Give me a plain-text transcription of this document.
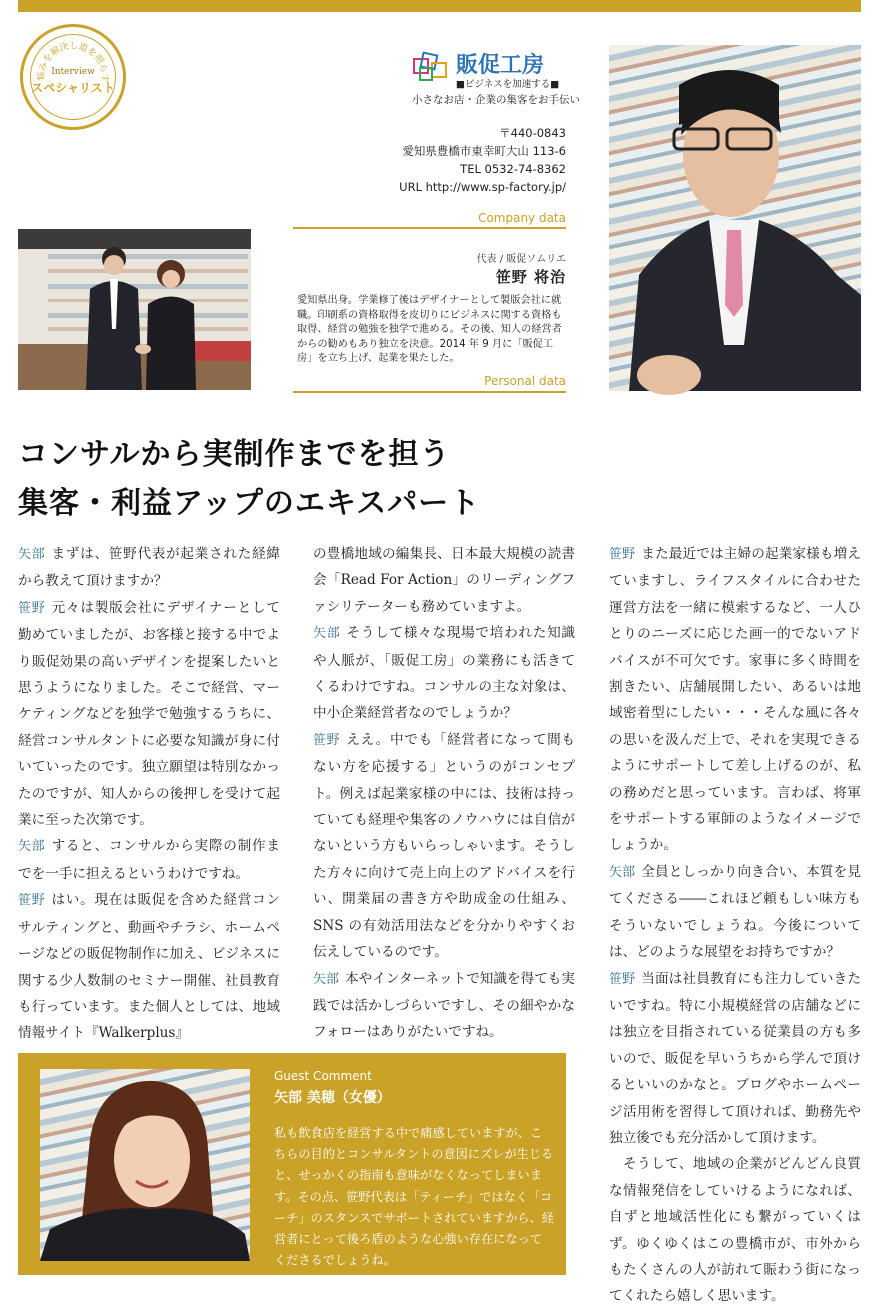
悩みを解決し道を照らす
Interview
スペシャリスト
販促工房
■ビジネスを加速する■
小さなお店・企業の集客をお手伝い
〒440-0843
愛知県豊橋市東幸町大山 113-6
TEL 0532-74-8362
URL http://www.sp-factory.jp/
Company data
代表 / 販促ソムリエ
笹野 将治
愛知県出身。学業修了後はデザイナーとして製版会社に就職。印刷系の資格取得を皮切りにビジネスに関する資格も取得、経営の勉強を独学で進める。その後、知人の経営者からの勧めもあり独立を決意。2014 年 9 月に「販促工房」を立ち上げ、起業を果たした。
Personal data
コンサルから実制作までを担う
集客・利益アップのエキスパート

矢部 まずは、笹野代表が起業された経緯から教えて頂けますか？

笹野 元々は製版会社にデザイナーとして勤めていましたが、お客様と接する中でより販促効果の高いデザインを提案したいと思うようになりました。そこで経営、マーケティングなどを独学で勉強するうちに、経営コンサルタントに必要な知識が身に付いていったのです。独立願望は特別なかったのですが、知人からの後押しを受けて起業に至った次第です。

矢部 すると、コンサルから実際の制作までを一手に担えるというわけですね。

笹野 はい。現在は販促を含めた経営コンサルティングと、動画やチラシ、ホームページなどの販促物制作に加え、ビジネスに関する少人数制のセミナー開催、社員教育も行っています。また個人としては、地域情報サイト『Walkerplus』

の豊橋地域の編集長、日本最大規模の読書会「Read For Action」のリーディングファシリテーターも務めていますよ。

矢部 そうして様々な現場で培われた知識や人脈が、「販促工房」の業務にも活きてくるわけですね。コンサルの主な対象は、中小企業経営者なのでしょうか？

笹野 ええ。中でも「経営者になって間もない方を応援する」というのがコンセプト。例えば起業家様の中には、技術は持っていても経理や集客のノウハウには自信がないという方もいらっしゃいます。そうした方々に向けて売上向上のアドバイスを行い、開業届の書き方や助成金の仕組み、SNS の有効活用法などを分かりやすくお伝えしているのです。

矢部 本やインターネットで知識を得ても実践では活かしづらいですし、その細やかなフォローはありがたいですね。

笹野 また最近では主婦の起業家様も増えていますし、ライフスタイルに合わせた運営方法を一緒に模索するなど、一人ひとりのニーズに応じた画一的でないアドバイスが不可欠です。家事に多く時間を割きたい、店舗展開したい、あるいは地域密着型にしたい・・・そんな風に各々の思いを汲んだ上で、それを実現できるようにサポートして差し上げるのが、私の務めだと思っています。言わば、将軍をサポートする軍師のようなイメージでしょうか。

矢部 全員としっかり向き合い、本質を見てくださる――これほど頼もしい味方もそういないでしょうね。今後については、どのような展望をお持ちですか？

笹野 当面は社員教育にも注力していきたいですね。特に小規模経営の店舗などには独立を目指されている従業員の方も多いので、販促を早いうちから学んで頂けるといいのかなと。ブログやホームページ活用術を習得して頂ければ、勤務先や独立後でも充分活かして頂けます。

　そうして、地域の企業がどんどん良質な情報発信をしていけるようになれば、自ずと地域活性化にも繋がっていくはず。ゆくゆくはこの豊橋市が、市外からもたくさんの人が訪れて賑わう街になってくれたら嬉しく思います。

Guest Comment
矢部 美穂（女優）
私も飲食店を経営する中で痛感していますが、こちらの目的とコンサルタントの意図にズレが生じると、せっかくの指南も意味がなくなってしまいます。その点、笹野代表は「ティーチ」ではなく「コーチ」のスタンスでサポートされていますから、経営者にとって後ろ盾のような心強い存在になってくださるでしょうね。
